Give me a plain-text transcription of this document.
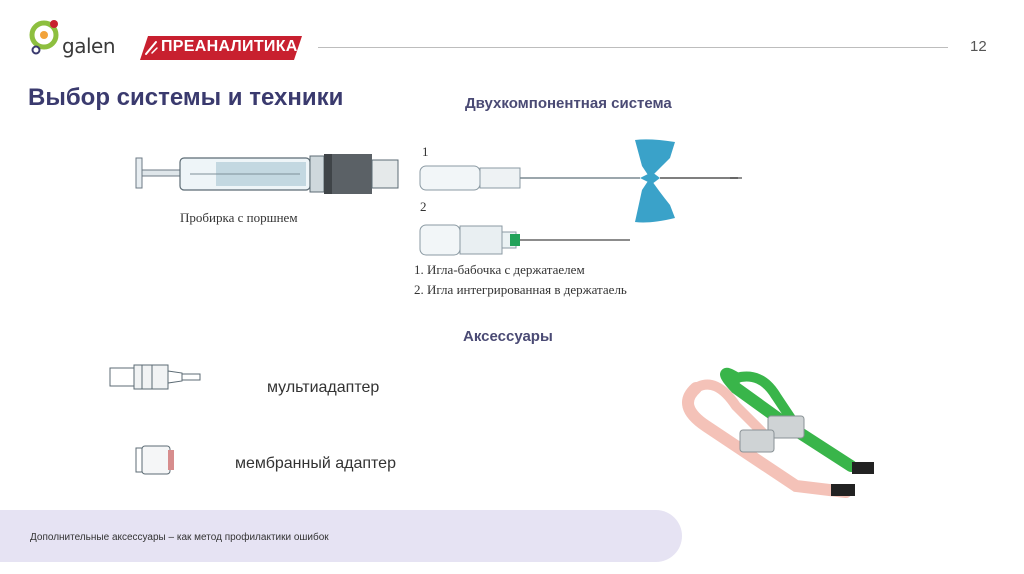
galen	ПРЕАНАЛИТИКА	12
Выбор системы и техники	Двухкомпонентная система
Пробирка с поршнем
1
2
1. Игла-бабочка с держатаелем
2. Игла интегрированная в держатаель
Аксессуары
мультиадаптер
мембранный адаптер
Дополнительные аксессуары – как метод профилактики ошибок
